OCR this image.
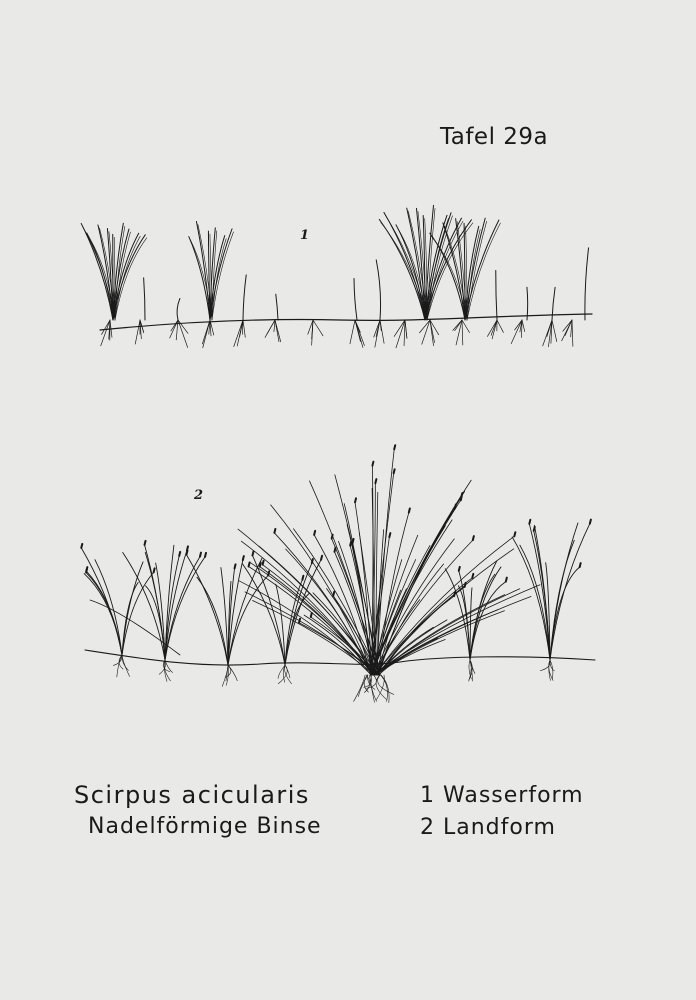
Tafel 29a
1
2
Scirpus acicularis
Nadelförmige Binse
1 Wasserform
2 Landform
